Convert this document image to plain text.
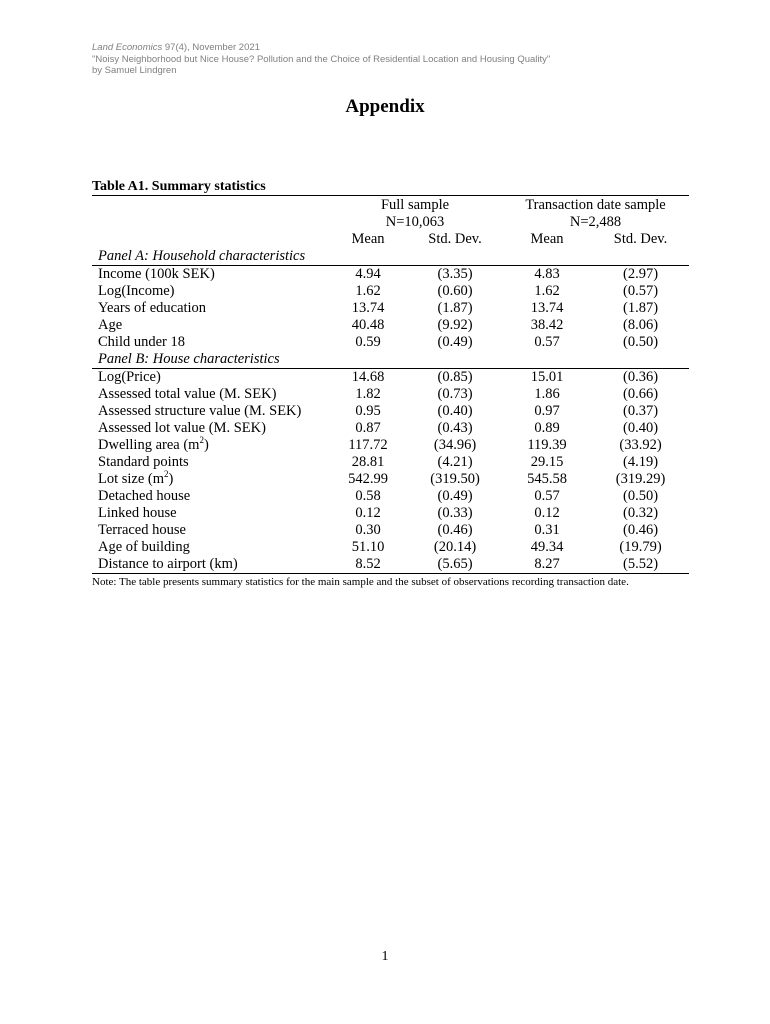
Land Economics 97(4), November 2021
"Noisy Neighborhood but Nice House? Pollution and the Choice of Residential Location and Housing Quality"
by Samuel Lindgren
Appendix
Table A1. Summary statistics
	Full sample		Transaction date sample	
	N=10,063		N=2,488	
	Mean	Std. Dev.	Mean	Std. Dev.
Panel A: Household characteristics				
Income (100k SEK)	4.94	(3.35)	4.83	(2.97)
Log(Income)	1.62	(0.60)	1.62	(0.57)
Years of education	13.74	(1.87)	13.74	(1.87)
Age	40.48	(9.92)	38.42	(8.06)
Child under 18	0.59	(0.49)	0.57	(0.50)
Panel B: House characteristics				
Log(Price)	14.68	(0.85)	15.01	(0.36)
Assessed total value (M. SEK)	1.82	(0.73)	1.86	(0.66)
Assessed structure value (M. SEK)	0.95	(0.40)	0.97	(0.37)
Assessed lot value (M. SEK)	0.87	(0.43)	0.89	(0.40)
Dwelling area $(m^2)$	117.72	(34.96)	119.39	(33.92)
Standard points	28.81	(4.21)	29.15	(4.19)
Lot size $(m^2)$	542.99	(319.50)	545.58	(319.29)
Detached house	0.58	(0.49)	0.57	(0.50)
Linked house	0.12	(0.33)	0.12	(0.32)
Terraced house	0.30	(0.46)	0.31	(0.46)
Age of building	51.10	(20.14)	49.34	(19.79)
Distance to airport (km)	8.52	(5.65)	8.27	(5.52)
Note: The table presents summary statistics for the main sample and the subset of observations recording transaction date.
1
